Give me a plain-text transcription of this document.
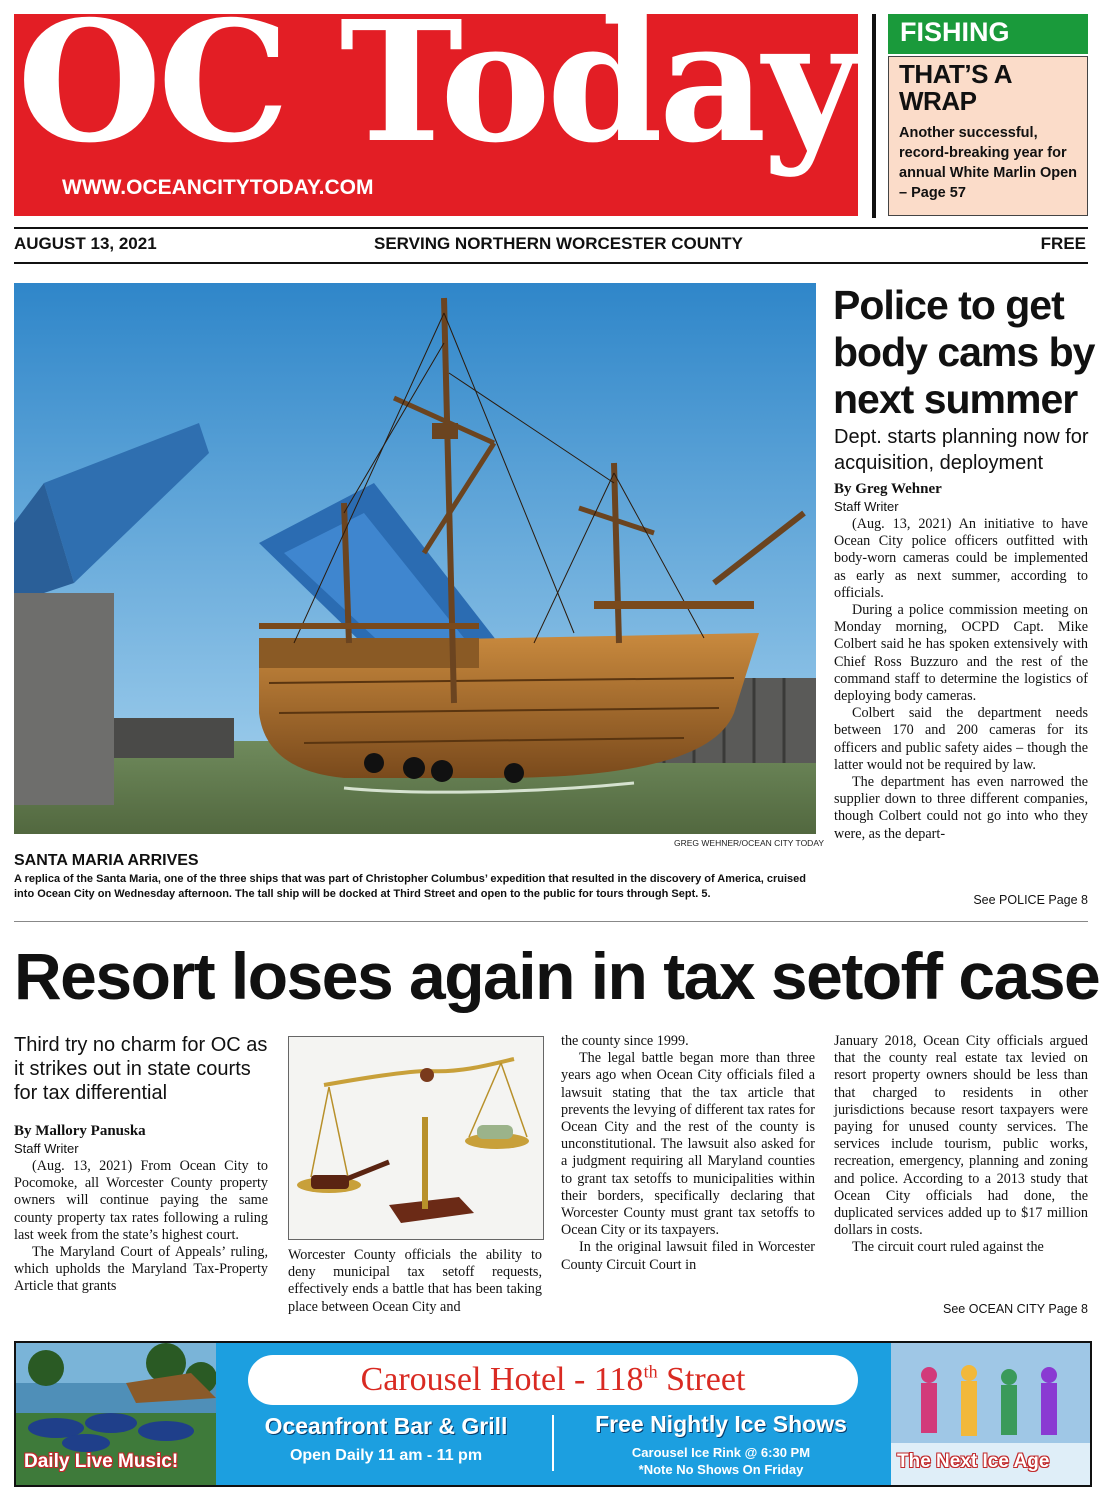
OC Today
WWW.OCEANCITYTODAY.COM
FISHING
THAT’S A
WRAP
Another successful, record-breaking year for annual White Marlin Open – Page 57
AUGUST 13, 2021	SERVING NORTHERN WORCESTER COUNTY	FREE
GREG WEHNER/OCEAN CITY TODAY
SANTA MARIA ARRIVES
A replica of the Santa Maria, one of the three ships that was part of Christopher Columbus’ expedition that resulted in the discovery of America, cruised into Ocean City on Wednesday afternoon. The tall ship will be docked at Third Street and open to the public for tours through Sept. 5.
Police to get body cams by next summer
Dept. starts planning now for acquisition, deployment
By Greg Wehner
Staff Writer

(Aug. 13, 2021) An initiative to have Ocean City police officers outfitted with body-worn cameras could be implemented as early as next summer, according to officials.

During a police commission meeting on Monday morning, OCPD Capt. Mike Colbert said he has spoken extensively with Chief Ross Buzzuro and the rest of the command staff to determine the logistics of deploying body cameras.

Colbert said the department needs between 170 and 200 cameras for its officers and public safety aides – though the latter would not be required by law.

The department has even narrowed the supplier down to three different companies, though Colbert could not go into who they were, as the depart-

See POLICE Page 8
Resort loses again in tax setoff case
Third try no charm for OC as it strikes out in state courts for tax differential
By Mallory Panuska
Staff Writer

(Aug. 13, 2021) From Ocean City to Pocomoke, all Worcester County property owners will continue paying the same county property tax rates following a ruling last week from the state’s highest court.

The Maryland Court of Appeals’ ruling, which upholds the Maryland Tax-Property Article that grants

Worcester County officials the ability to deny municipal tax setoff requests, effectively ends a battle that has been taking place between Ocean City and

the county since 1999.

The legal battle began more than three years ago when Ocean City officials filed a lawsuit stating that the tax article that prevents the levying of different tax rates for Ocean City and the rest of the county is unconstitutional. The lawsuit also asked for a judgment requiring all Maryland counties to grant tax setoffs to municipalities within their borders, specifically declaring that Worcester County must grant tax setoffs to Ocean City or its taxpayers.

In the original lawsuit filed in Worcester County Circuit Court in

January 2018, Ocean City officials argued that the county real estate tax levied on resort property owners should be less than that charged to residents in other jurisdictions because resort taxpayers were paying for unused county services. The services include tourism, public works, recreation, emergency, planning and zoning and police. According to a 2013 study that Ocean City officials had done, the duplicated services added up to $17 million dollars in costs.

The circuit court ruled against the

See OCEAN CITY Page 8
Daily Live Music!
Carousel Hotel - 118th Street
Oceanfront Bar & Grill
Open Daily 11 am - 11 pm
Free Nightly Ice Shows
Carousel Ice Rink @ 6:30 PM
*Note No Shows On Friday	The Next Ice Age
